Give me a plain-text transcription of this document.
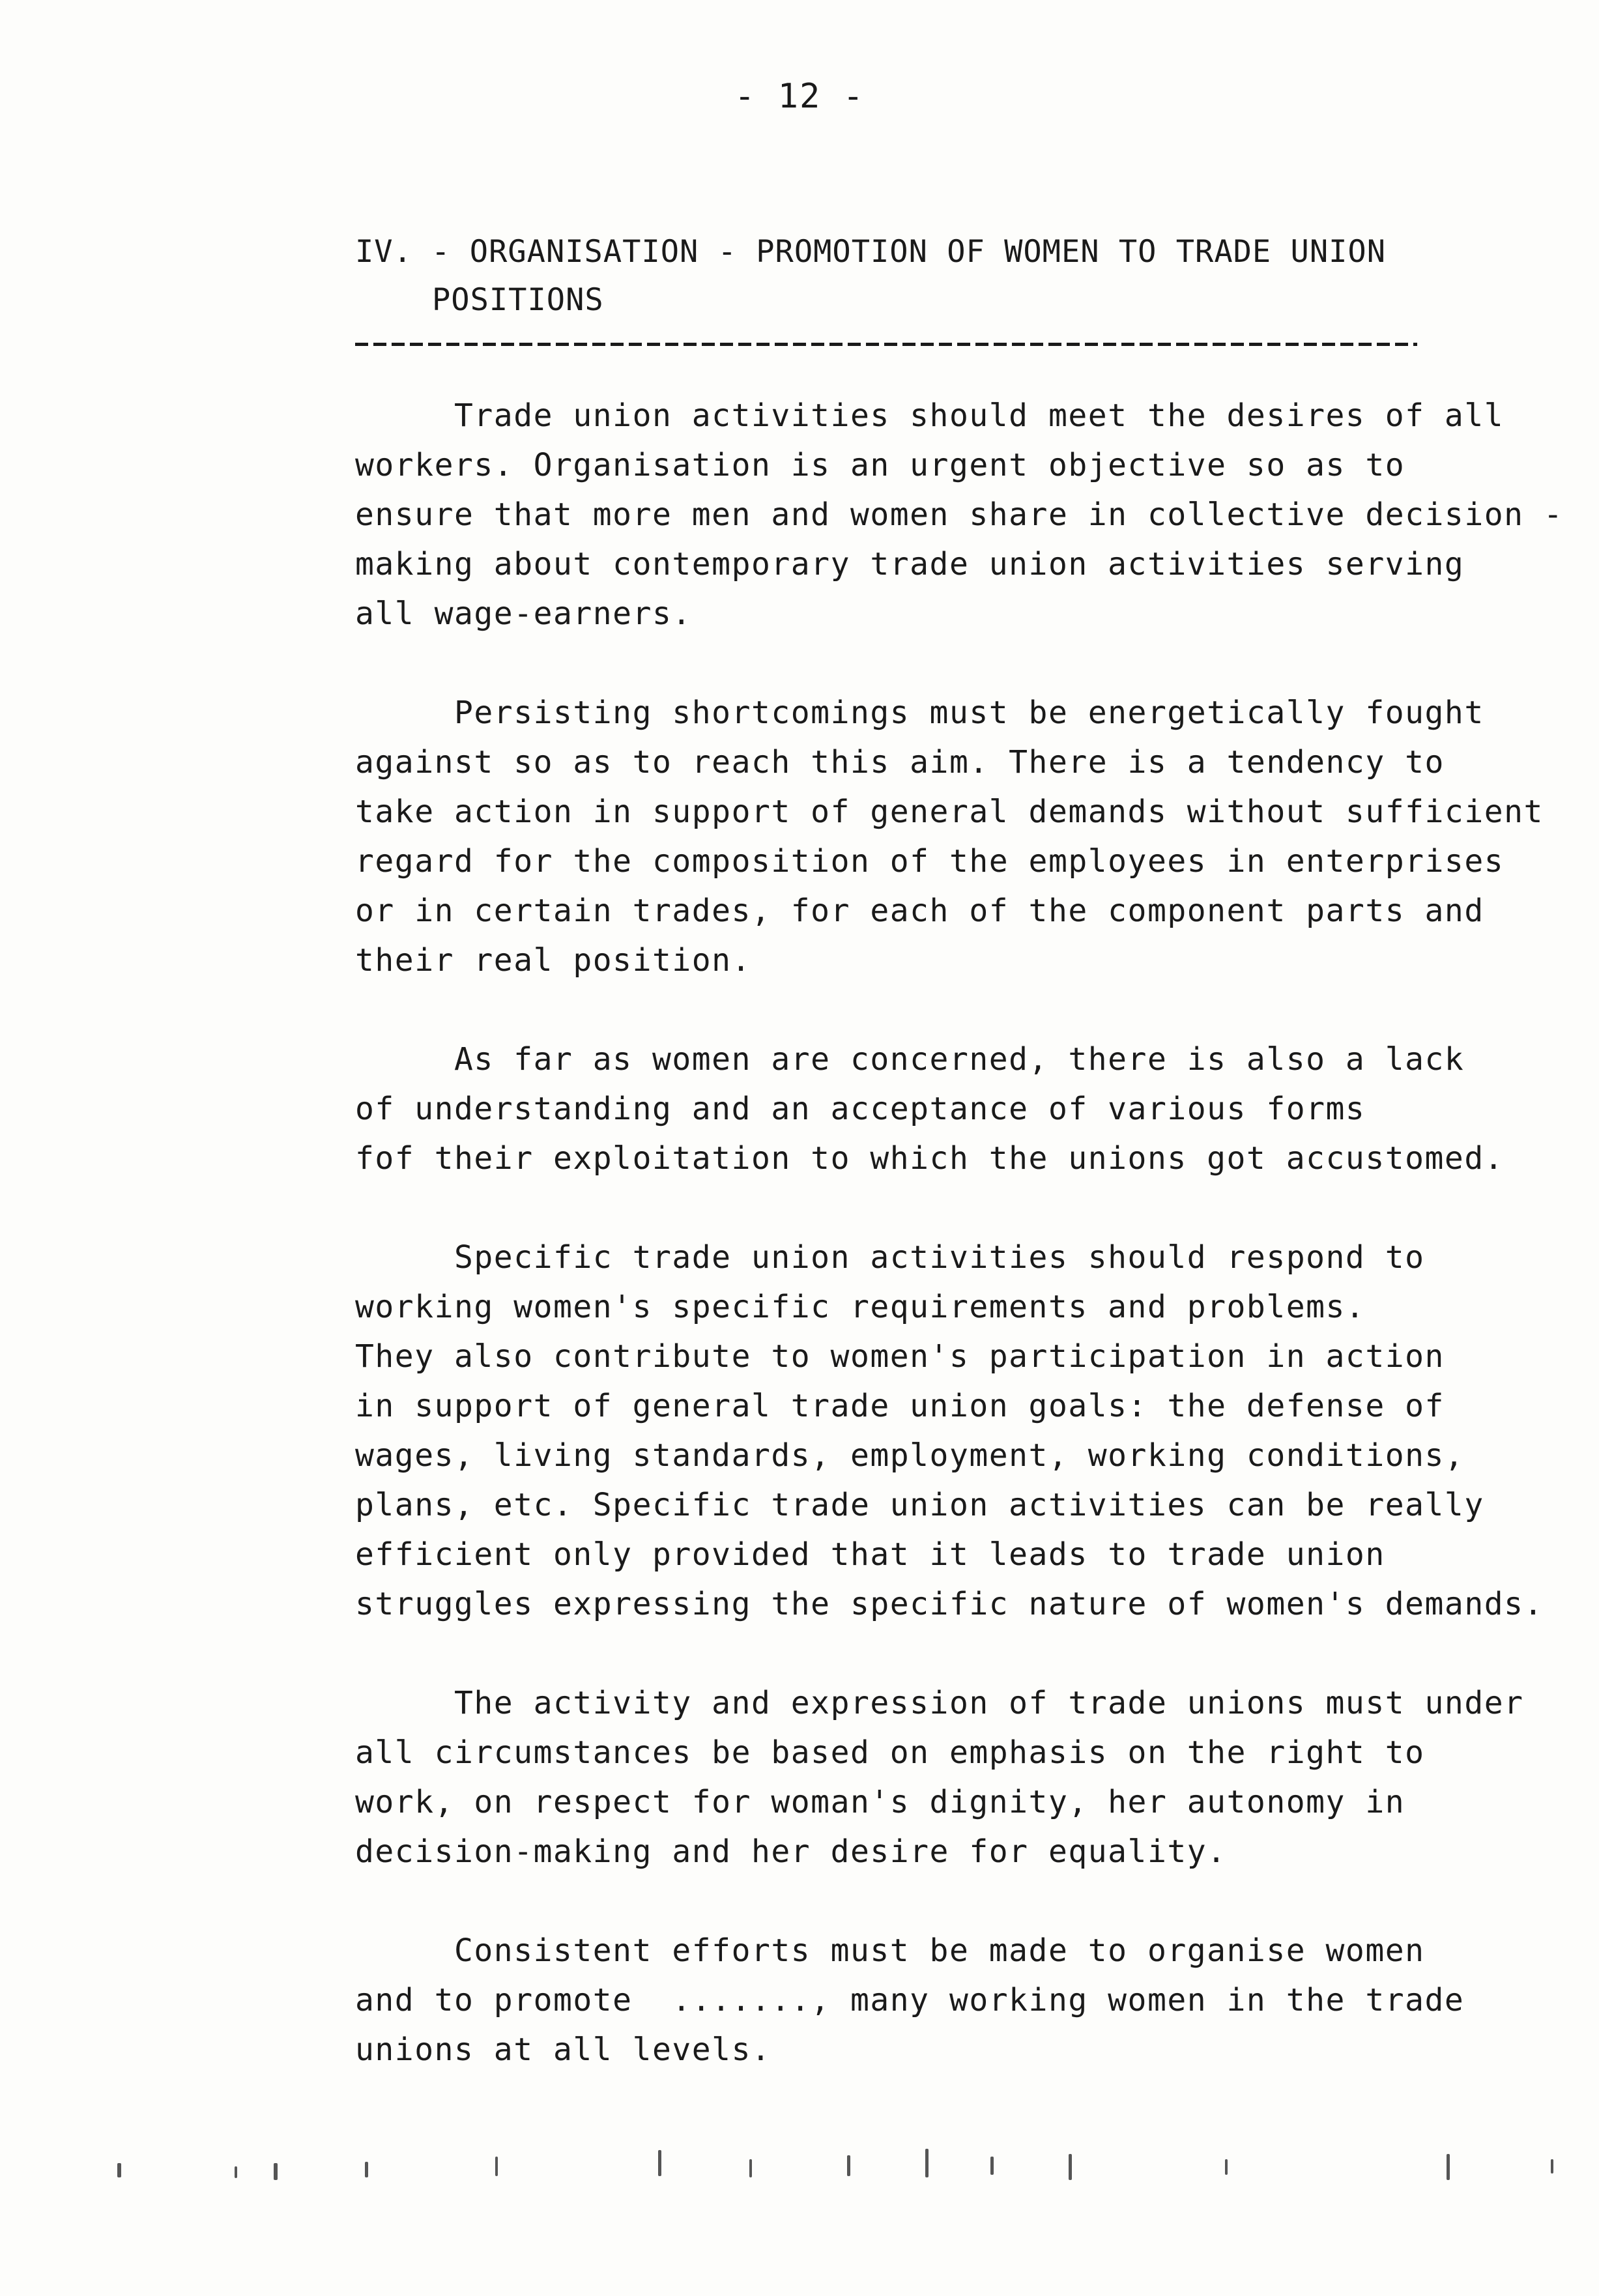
- 12 -
IV. - ORGANISATION - PROMOTION OF WOMEN TO TRADE UNION
POSITIONS
Trade union activities should meet the desires of all
workers. Organisation is an urgent objective so as to
ensure that more men and women share in collective decision -
making about contemporary trade union activities serving
all wage-earners.
Persisting shortcomings must be energetically fought
against so as to reach this aim. There is a tendency to
take action in support of general demands without sufficient
regard for the composition of the employees in enterprises
or in certain trades, for each of the component parts and
their real position.
As far as women are concerned, there is also a lack
of understanding and an acceptance of various forms
fof their exploitation to which the unions got accustomed.
Specific trade union activities should respond to
working women's specific requirements and problems.
They also contribute to women's participation in action
in support of general trade union goals: the defense of
wages, living standards, employment, working conditions,
plans, etc. Specific trade union activities can be really
efficient only provided that it leads to trade union
struggles expressing the specific nature of women's demands.
The activity and expression of trade unions must under
all circumstances be based on emphasis on the right to
work, on respect for woman's dignity, her autonomy in
decision-making and her desire for equality.
Consistent efforts must be made to organise women
and to promote  ......., many working women in the trade
unions at all levels.
